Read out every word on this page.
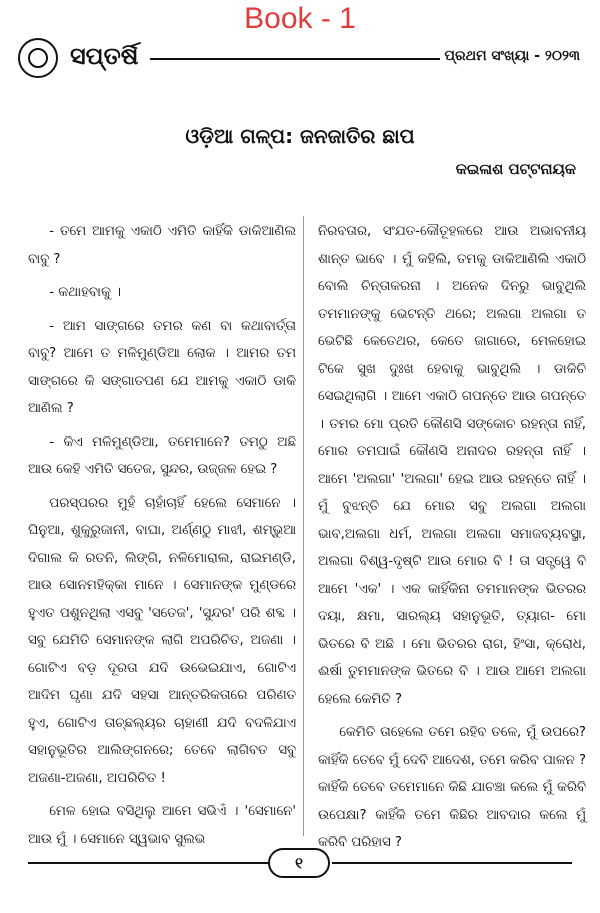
Book - 1
ସପ୍ତର୍ଷି	ପ୍ରଥମ ସଂଖ୍ୟା - ୨୦୨୩
ଓଡ଼ିଆ ଗଳ୍ପ: ଜନଜାତିର ଛାପ
କଇଳାଶ ପଟ୍ଟନାୟକ

- ତମେ ଆମକୁ ଏକାଠି ଏମିତି କାହିଁକି ଡାକିଆଣିଲ ବାବୁ ?

- କଥାହବାକୁ ।

- ଆମ ସାଙ୍ଗରେ ତମର କଣ ବା କଥାବାର୍ତ୍ତା ବାବୁ? ଆମେ ତ ମଳିମୁଣ୍ଡିଆ ଲୋକ । ଆମର ତମ ସାଙ୍ଗରେ କି ସଙ୍ଗାତପଣ ଯେ ଆମକୁ ଏକାଠି ଡାକି ଆଣିଲ ?

- କିଏ ମଳିମୁଣ୍ଡିଆ, ତମେମାନେ? ତମଠୁ ଅଛି ଆଉ କେହି ଏମିତି ସତେଜ, ସୁନ୍ଦର, ଉଜ୍ଜଳ ହେଇ ?

ପରସ୍ପରର ମୁହଁ ଚାହାଁଚାହିଁ ହେଲେ ସେମାନେ । ଘିନୁଆ, ଶୁକୁରୁଜାନୀ, ବାଘା, ଅର୍ଣ୍ଣଠୁ ମାଝୀ, ଶମ୍ଭୁଆ ଦିଗାଲ କି ରତନି, ଲିଙ୍ଗି, ନଳିମୋରାଲ, ରାଇମଣ୍ଡି, ଆଉ ସୋନମହିକ୍କା ମାନେ । ସେମାନଙ୍କ ମୁଣ୍ଡରେ ହୁଏତ ପଶୁନଥିଲା ଏସବୁ 'ସତେଜ', 'ସୁନ୍ଦର' ପରି ଶବ୍ଦ । ସବୁ ଯେମିତି ସେମାନଙ୍କ ଲାଗି ଅପରିଚିତ, ଅଜଣା । ଗୋଟିଏ ବଡ଼ ଦୂରତା ଯଦି ଉଭେଇଯାଏ, ଗୋଟିଏ ଆଦିମ ଘୃଣା ଯଦି ସହସା ଆନ୍ତରିକତାରେ ପରିଣତ ହୁଏ, ଗୋଟିଏ ତାଚ୍ଛଲ୍ୟର ଚାହାଣୀ ଯଦି ବଦଳିଯାଏ ସହାନୁଭୂତିର ଆଲିଙ୍ଗନରେ; ତେବେ ଲାଗିବତ ସବୁ ଅଜଣା-ଅଜଣା, ଅପରିଚିତ !

ମେଳ ହୋଇ ବସିଥିଲୁ ଆମେ ସଭିଏଁ । 'ସେମାନେ' ଆଉ ମୁଁ । ସେମାନେ ସ୍ୱଭାବ ସୁଲଭ

ନିରବତାର, ସଂଯତ-କୌତୂହଳରେ ଆଉ ଅଭାବନୀୟ ଶାନ୍ତ ଭାବେ । ମୁଁ କହିଲି, ତମକୁ ଡାକିଆଣିଲି ଏକାଠି ବୋଲି ଚିନ୍ତାକରନା । ଅନେକ ଦିନରୁ ଭାବୁଥିଲି ତମମାନଙ୍କୁ ଭେଟନ୍ତି ଥରେ; ଅଲଗା ଅଲଗା ତ ଭେଟିଛି କେତେଥର, କେତେ ଜାଗାରେ, ମେଳହୋଇ ଟିକେ ସୁଖ ଦୁଃଖ ହେବାକୁ ଭାବୁଥିଲି । ଡାକିଚି ସେଇଥିଲାଗି । ଆମେ ଏକାଠି ଗପନ୍ତେ ଆଉ ଗପନ୍ତେ । ତମର ମୋ ପ୍ରତି କୌଣସି ସଙ୍କୋଚ ରହନ୍ତା ନାହିଁ, ମୋର ତମପାଇଁ କୌଣସି ଅନାଦର ରହନ୍ତା ନାହିଁ । ଆମେ 'ଅଲଗା' 'ଅଲଗା' ହେଇ ଆଉ ରହନ୍ତେ ନାହିଁ । ମୁଁ ବୁଝନ୍ତି ଯେ ମୋର ସବୁ ଅଲଗା ଅଲଗା ଭାବ,ଅଲଗା ଧର୍ମ, ଅଲଗା ଅଲଗା ସମାଜବ୍ୟବସ୍ଥା, ଅଲଗା ବିଶ୍ୱ-ଦୃଷ୍ଟି ଆଉ ମୋର ବି ! ତା ସତ୍ତ୍ୱେ ବି ଆମେ 'ଏକ' । ଏକ କାହିଁକିନା ତମମାନଙ୍କ ଭିତରର ଦୟା, କ୍ଷମା, ସାରଲ୍ୟ ସହାନୁଭୂତି, ତ୍ୟାଗ- ମୋ ଭିତରେ ବି ଅଛି । ମୋ ଭିତରର ରାଗ, ହିଂସା, କ୍ରୋଧ, ଈର୍ଷା ତୁମମାନଙ୍କ ଭିତରେ ବି । ଆଉ ଆମେ ଅଲଗା ହେଲେ କେମିତି ?

କେମିତି ତାହେଲେ ତମେ ରହିବ ତଳେ, ମୁଁ ଉପରେ? କାହିଁକି ତେବେ ମୁଁ ଦେବି ଆଦେଶ, ତମେ କରିବ ପାଳନ ? କାହିଁକି ତେବେ ତମେମାନେ କିଛି ଯାଚଞ୍ଚା କଲେ ମୁଁ କରିବି ଉପେକ୍ଷା? କାହିଁକି ତମେ କିଛିର ଆବଦାର କଲେ ମୁଁ କରିବି ପରିହାସ ?

୧
